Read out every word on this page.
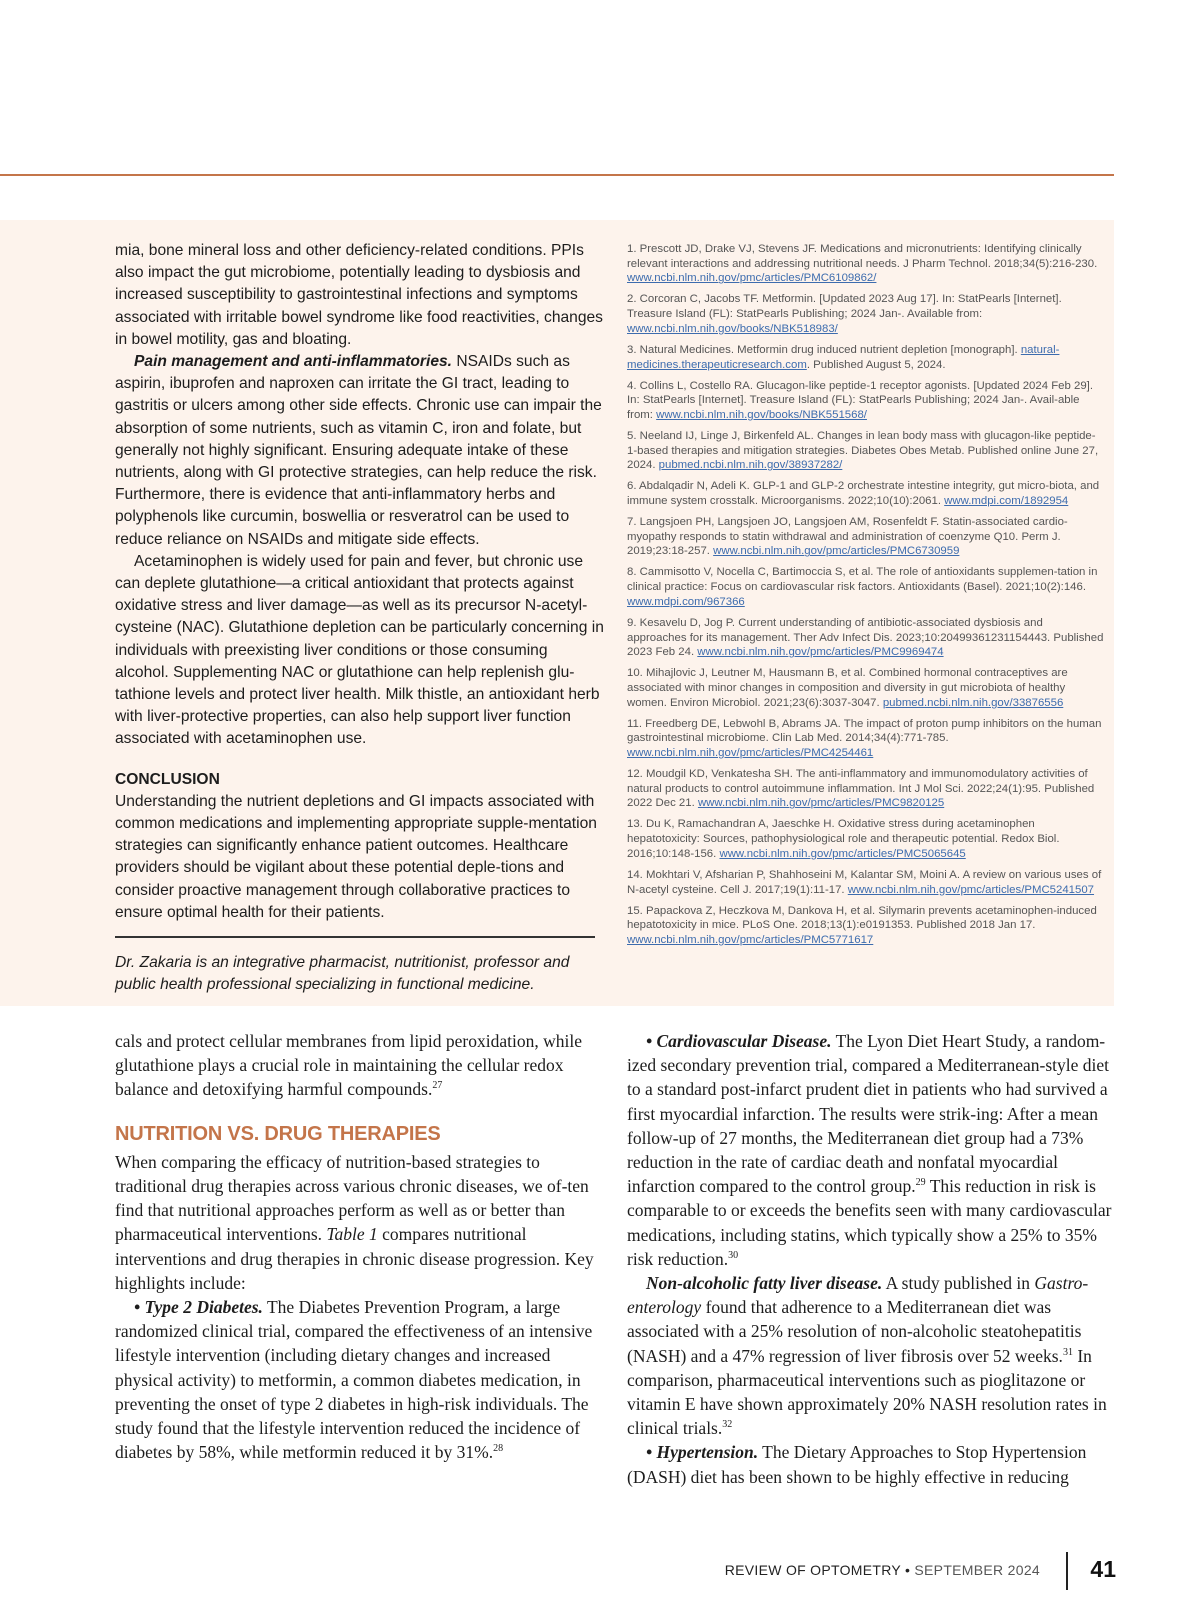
mia, bone mineral loss and other deficiency-related conditions. PPIs also impact the gut microbiome, potentially leading to dysbiosis and increased susceptibility to gastrointestinal infections and symptoms associated with irritable bowel syndrome like food reactivities, changes in bowel motility, gas and bloating.

Pain management and anti-inflammatories. NSAIDs such as aspirin, ibuprofen and naproxen can irritate the GI tract, leading to gastritis or ulcers among other side effects. Chronic use can impair the absorption of some nutrients, such as vitamin C, iron and folate, but generally not highly significant. Ensuring adequate intake of these nutrients, along with GI protective strategies, can help reduce the risk. Furthermore, there is evidence that anti-inflammatory herbs and polyphenols like curcumin, boswellia or resveratrol can be used to reduce reliance on NSAIDs and mitigate side effects.

Acetaminophen is widely used for pain and fever, but chronic use can deplete glutathione—a critical antioxidant that protects against oxidative stress and liver damage—as well as its precursor N-acetyl-cysteine (NAC). Glutathione depletion can be particularly concerning in individuals with preexisting liver conditions or those consuming alcohol. Supplementing NAC or glutathione can help replenish glu-tathione levels and protect liver health. Milk thistle, an antioxidant herb with liver-protective properties, can also help support liver function associated with acetaminophen use.

CONCLUSION

Understanding the nutrient depletions and GI impacts associated with common medications and implementing appropriate supple-mentation strategies can significantly enhance patient outcomes. Healthcare providers should be vigilant about these potential deple-tions and consider proactive management through collaborative practices to ensure optimal health for their patients.

Dr. Zakaria is an integrative pharmacist, nutritionist, professor and public health professional specializing in functional medicine.

1. Prescott JD, Drake VJ, Stevens JF. Medications and micronutrients: Identifying clinically relevant interactions and addressing nutritional needs. J Pharm Technol. 2018;34(5):216-230. www.ncbi.nlm.nih.gov/pmc/articles/PMC6109862/

2. Corcoran C, Jacobs TF. Metformin. [Updated 2023 Aug 17]. In: StatPearls [Internet]. Treasure Island (FL): StatPearls Publishing; 2024 Jan-. Available from: www.ncbi.nlm.nih.gov/books/NBK518983/

3. Natural Medicines. Metformin drug induced nutrient depletion [monograph]. natural-medicines.therapeuticresearch.com. Published August 5, 2024.

4. Collins L, Costello RA. Glucagon-like peptide-1 receptor agonists. [Updated 2024 Feb 29]. In: StatPearls [Internet]. Treasure Island (FL): StatPearls Publishing; 2024 Jan-. Avail-able from: www.ncbi.nlm.nih.gov/books/NBK551568/

5. Neeland IJ, Linge J, Birkenfeld AL. Changes in lean body mass with glucagon-like peptide-1-based therapies and mitigation strategies. Diabetes Obes Metab. Published online June 27, 2024. pubmed.ncbi.nlm.nih.gov/38937282/

6. Abdalqadir N, Adeli K. GLP-1 and GLP-2 orchestrate intestine integrity, gut micro-biota, and immune system crosstalk. Microorganisms. 2022;10(10):2061. www.mdpi.com/1892954

7. Langsjoen PH, Langsjoen JO, Langsjoen AM, Rosenfeldt F. Statin-associated cardio-myopathy responds to statin withdrawal and administration of coenzyme Q10. Perm J. 2019;23:18-257. www.ncbi.nlm.nih.gov/pmc/articles/PMC6730959

8. Cammisotto V, Nocella C, Bartimoccia S, et al. The role of antioxidants supplemen-tation in clinical practice: Focus on cardiovascular risk factors. Antioxidants (Basel). 2021;10(2):146. www.mdpi.com/967366

9. Kesavelu D, Jog P. Current understanding of antibiotic-associated dysbiosis and approaches for its management. Ther Adv Infect Dis. 2023;10:20499361231154443. Published 2023 Feb 24. www.ncbi.nlm.nih.gov/pmc/articles/PMC9969474

10. Mihajlovic J, Leutner M, Hausmann B, et al. Combined hormonal contraceptives are associated with minor changes in composition and diversity in gut microbiota of healthy women. Environ Microbiol. 2021;23(6):3037-3047. pubmed.ncbi.nlm.nih.gov/33876556

11. Freedberg DE, Lebwohl B, Abrams JA. The impact of proton pump inhibitors on the human gastrointestinal microbiome. Clin Lab Med. 2014;34(4):771-785. www.ncbi.nlm.nih.gov/pmc/articles/PMC4254461

12. Moudgil KD, Venkatesha SH. The anti-inflammatory and immunomodulatory activities of natural products to control autoimmune inflammation. Int J Mol Sci. 2022;24(1):95. Published 2022 Dec 21. www.ncbi.nlm.nih.gov/pmc/articles/PMC9820125

13. Du K, Ramachandran A, Jaeschke H. Oxidative stress during acetaminophen hepatotoxicity: Sources, pathophysiological role and therapeutic potential. Redox Biol. 2016;10:148-156. www.ncbi.nlm.nih.gov/pmc/articles/PMC5065645

14. Mokhtari V, Afsharian P, Shahhoseini M, Kalantar SM, Moini A. A review on various uses of N-acetyl cysteine. Cell J. 2017;19(1):11-17. www.ncbi.nlm.nih.gov/pmc/articles/PMC5241507

15. Papackova Z, Heczkova M, Dankova H, et al. Silymarin prevents acetaminophen-induced hepatotoxicity in mice. PLoS One. 2018;13(1):e0191353. Published 2018 Jan 17. www.ncbi.nlm.nih.gov/pmc/articles/PMC5771617

cals and protect cellular membranes from lipid peroxidation, while glutathione plays a crucial role in maintaining the cellular redox balance and detoxifying harmful compounds.$^{27}$

NUTRITION VS. DRUG THERAPIES

When comparing the efficacy of nutrition-based strategies to traditional drug therapies across various chronic diseases, we of-ten find that nutritional approaches perform as well as or better than pharmaceutical interventions. Table 1 compares nutritional interventions and drug therapies in chronic disease progression. Key highlights include:

• Type 2 Diabetes. The Diabetes Prevention Program, a large randomized clinical trial, compared the effectiveness of an intensive lifestyle intervention (including dietary changes and increased physical activity) to metformin, a common diabetes medication, in preventing the onset of type 2 diabetes in high-risk individuals. The study found that the lifestyle intervention reduced the incidence of diabetes by 58%, while metformin reduced it by 31%.$^{28}$

• Cardiovascular Disease. The Lyon Diet Heart Study, a random-ized secondary prevention trial, compared a Mediterranean-style diet to a standard post-infarct prudent diet in patients who had survived a first myocardial infarction. The results were strik-ing: After a mean follow-up of 27 months, the Mediterranean diet group had a 73% reduction in the rate of cardiac death and nonfatal myocardial infarction compared to the control group.$^{29}$ This reduction in risk is comparable to or exceeds the benefits seen with many cardiovascular medications, including statins, which typically show a 25% to 35% risk reduction.$^{30}$

Non-alcoholic fatty liver disease. A study published in Gastro-enterology found that adherence to a Mediterranean diet was associated with a 25% resolution of non-alcoholic steatohepatitis (NASH) and a 47% regression of liver fibrosis over 52 weeks.$^{31}$ In comparison, pharmaceutical interventions such as pioglitazone or vitamin E have shown approximately 20% NASH resolution rates in clinical trials.$^{32}$

• Hypertension. The Dietary Approaches to Stop Hypertension (DASH) diet has been shown to be highly effective in reducing

REVIEW OF OPTOMETRY • SEPTEMBER 2024 41
